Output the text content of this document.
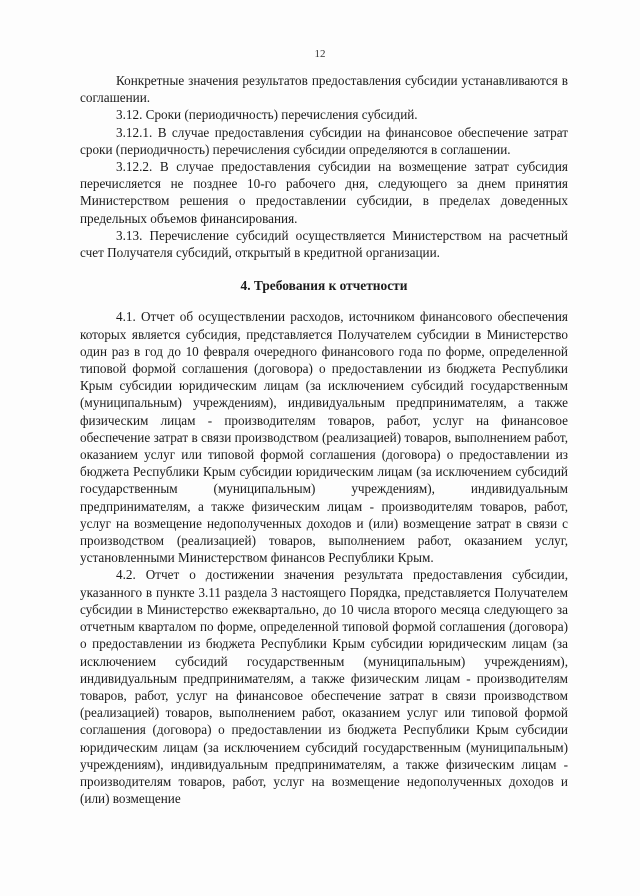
12

Конкретные значения результатов предоставления субсидии устанавливаются в соглашении.

3.12. Сроки (периодичность) перечисления субсидий.

3.12.1. В случае предоставления субсидии на финансовое обеспечение затрат сроки (периодичность) перечисления субсидии определяются в соглашении.

3.12.2. В случае предоставления субсидии на возмещение затрат субсидия перечисляется не позднее 10-го рабочего дня, следующего за днем принятия Министерством решения о предоставлении субсидии, в пределах доведенных предельных объемов финансирования.

3.13. Перечисление субсидий осуществляется Министерством на расчетный счет Получателя субсидий, открытый в кредитной организации.

4. Требования к отчетности

4.1. Отчет об осуществлении расходов, источником финансового обеспечения которых является субсидия, представляется Получателем субсидии в Министерство один раз в год до 10 февраля очередного финансового года по форме, определенной типовой формой соглашения (договора) о предоставлении из бюджета Республики Крым субсидии юридическим лицам (за исключением субсидий государственным (муниципальным) учреждениям), индивидуальным предпринимателям, а также физическим лицам - производителям товаров, работ, услуг на финансовое обеспечение затрат в связи производством (реализацией) товаров, выполнением работ, оказанием услуг или типовой формой соглашения (договора) о предоставлении из бюджета Республики Крым субсидии юридическим лицам (за исключением субсидий государственным (муниципальным) учреждениям), индивидуальным предпринимателям, а также физическим лицам - производителям товаров, работ, услуг на возмещение недополученных доходов и (или) возмещение затрат в связи с производством (реализацией) товаров, выполнением работ, оказанием услуг, установленными Министерством финансов Республики Крым.

4.2. Отчет о достижении значения результата предоставления субсидии, указанного в пункте 3.11 раздела 3 настоящего Порядка, представляется Получателем субсидии в Министерство ежеквартально, до 10 числа второго месяца следующего за отчетным кварталом по форме, определенной типовой формой соглашения (договора) о предоставлении из бюджета Республики Крым субсидии юридическим лицам (за исключением субсидий государственным (муниципальным) учреждениям), индивидуальным предпринимателям, а также физическим лицам - производителям товаров, работ, услуг на финансовое обеспечение затрат в связи производством (реализацией) товаров, выполнением работ, оказанием услуг или типовой формой соглашения (договора) о предоставлении из бюджета Республики Крым субсидии юридическим лицам (за исключением субсидий государственным (муниципальным) учреждениям), индивидуальным предпринимателям, а также физическим лицам - производителям товаров, работ, услуг на возмещение недополученных доходов и (или) возмещение
